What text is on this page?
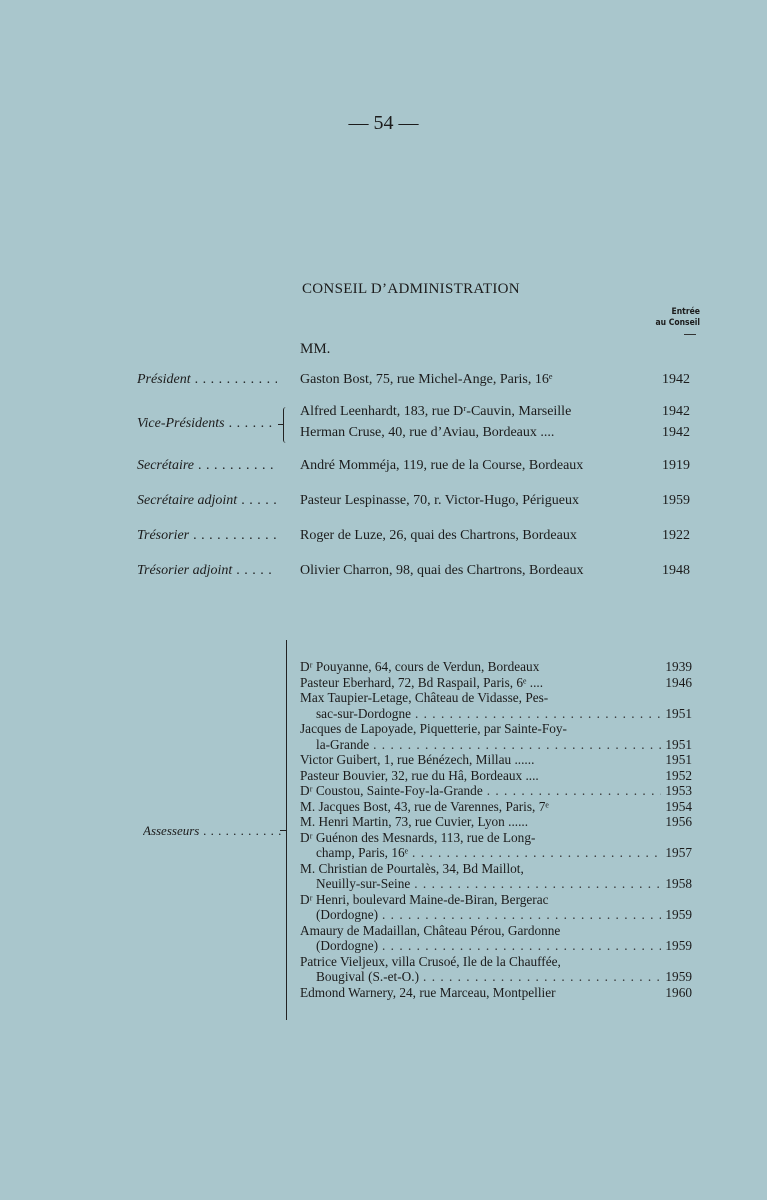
— 54 —
CONSEIL D’ADMINISTRATION
Entrée
au Conseil
MM.
Président . . .	Gaston Bost, 75, rue Michel-Ange, Paris, 16ᵉ	1942
Vice-Présidents . . .
Alfred Leenhardt, 183, rue Dʳ-Cauvin, Marseille	1942
Herman Cruse, 40, rue d’Aviau, Bordeaux ....	1942
Secrétaire . . .	André Momméja, 119, rue de la Course, Bordeaux	1919
Secrétaire adjoint . . .	Pasteur Lespinasse, 70, r. Victor-Hugo, Périgueux	1959
Trésorier . . .	Roger de Luze, 26, quai des Chartrons, Bordeaux	1922
Trésorier adjoint . . .	Olivier Charron, 98, quai des Chartrons, Bordeaux	1948
Assesseurs . . .
Dʳ Pouyanne, 64, cours de Verdun, Bordeaux	1939
Pasteur Eberhard, 72, Bd Raspail, Paris, 6ᵉ ....	1946
Max Taupier-Letage, Château de Vidasse, Pes-
sac-sur-Dordogne . . .	1951
Jacques de Lapoyade, Piquetterie, par Sainte-Foy-
la-Grande . . .	1951
Victor Guibert, 1, rue Bénézech, Millau ......	1951
Pasteur Bouvier, 32, rue du Hâ, Bordeaux ....	1952
Dʳ Coustou, Sainte-Foy-la-Grande . . .	1953
M. Jacques Bost, 43, rue de Varennes, Paris, 7ᵉ	1954
M. Henri Martin, 73, rue Cuvier, Lyon ......	1956
Dʳ Guénon des Mesnards, 113, rue de Long-
champ, Paris, 16ᵉ . . .	1957
M. Christian de Pourtalès, 34, Bd Maillot,
Neuilly-sur-Seine . . .	1958
Dʳ Henri, boulevard Maine-de-Biran, Bergerac
(Dordogne) . . .	1959
Amaury de Madaillan, Château Pérou, Gardonne
(Dordogne) . . .	1959
Patrice Vieljeux, villa Crusoé, Ile de la Chauffée,
Bougival (S.-et-O.) . . .	1959
Edmond Warnery, 24, rue Marceau, Montpellier	1960
